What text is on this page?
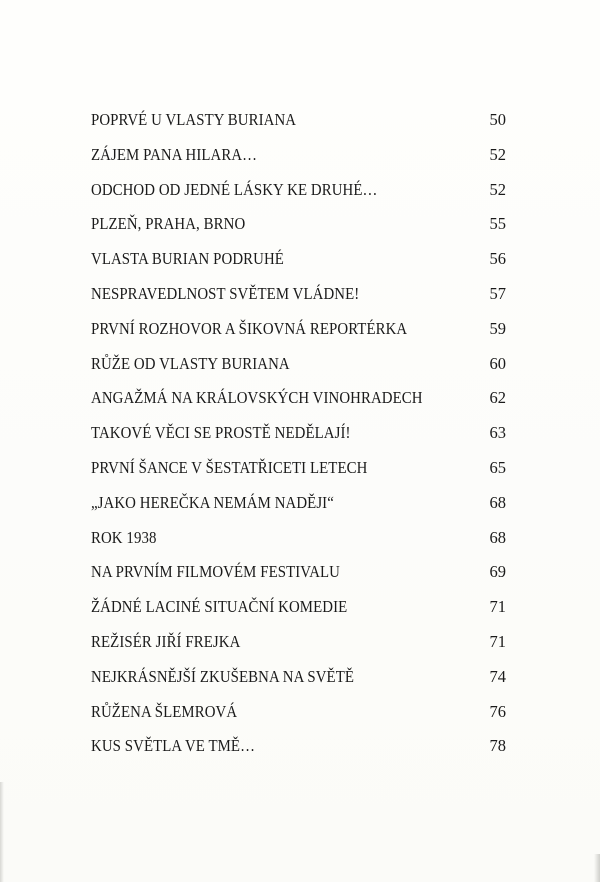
POPRVÉ U VLASTY BURIANA	50
ZÁJEM PANA HILARA…	52
ODCHOD OD JEDNÉ LÁSKY KE DRUHÉ…	52
PLZEŇ, PRAHA, BRNO	55
VLASTA BURIAN PODRUHÉ	56
NESPRAVEDLNOST SVĚTEM VLÁDNE!	57
PRVNÍ ROZHOVOR A ŠIKOVNÁ REPORTÉRKA	59
RŮŽE OD VLASTY BURIANA	60
ANGAŽMÁ NA KRÁLOVSKÝCH VINOHRADECH	62
TAKOVÉ VĚCI SE PROSTĚ NEDĚLAJÍ!	63
PRVNÍ ŠANCE V ŠESTATŘICETI LETECH	65
„JAKO HEREČKA NEMÁM NADĚJI“	68
ROK 1938	68
NA PRVNÍM FILMOVÉM FESTIVALU	69
ŽÁDNÉ LACINÉ SITUAČNÍ KOMEDIE	71
REŽISÉR JIŘÍ FREJKA	71
NEJKRÁSNĚJŠÍ ZKUŠEBNA NA SVĚTĚ	74
RŮŽENA ŠLEMROVÁ	76
KUS SVĚTLA VE TMĚ…	78
